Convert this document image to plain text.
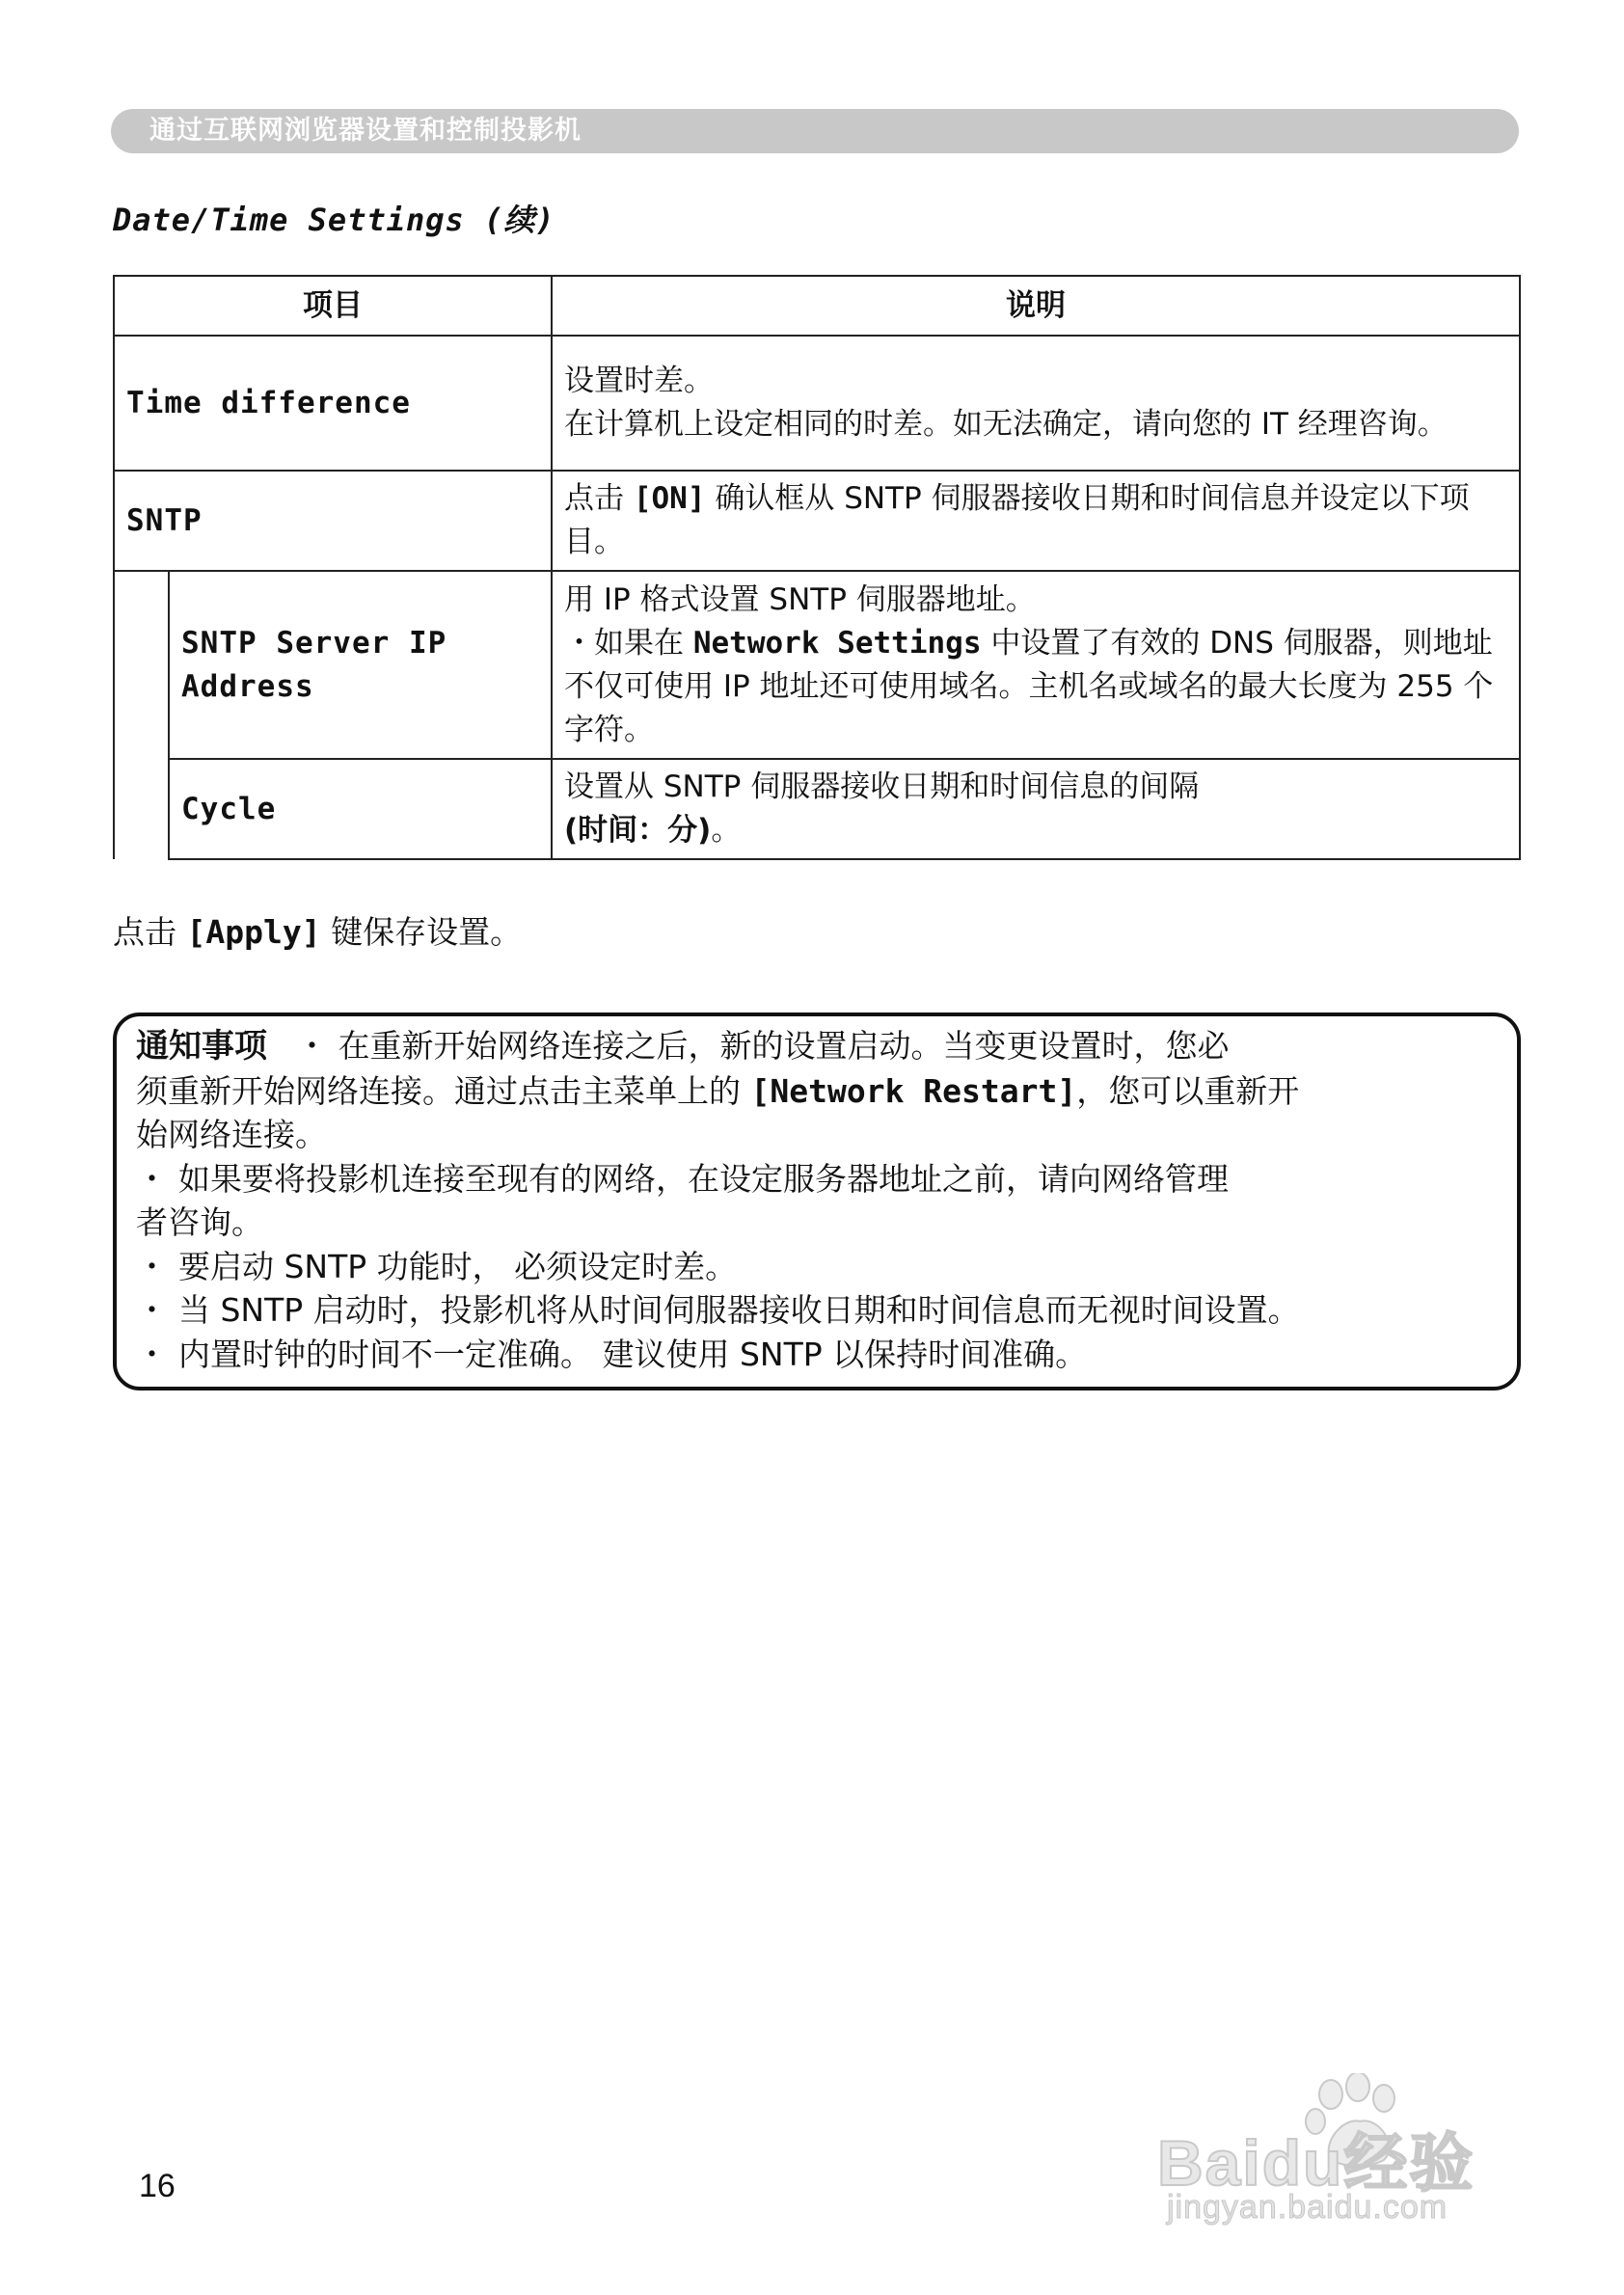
通过互联网浏览器设置和控制投影机
Date/Time Settings (续)
项目		说明
Time difference		设置时差。
在计算机上设定相同的时差。如无法确定，请向您的 IT 经理咨询。

SNTP		点击 [ON] 确认框从 SNTP 伺服器接收日期和时间信息并设定以下项目。
	SNTP Server IP Address	用 IP 格式设置 SNTP 伺服器地址。
・如果在 Network Settings 中设置了有效的 DNS 伺服器，则地址不仅可使用 IP 地址还可使用域名。主机名或域名的最大长度为 255 个字符。

	Cycle	设置从 SNTP 伺服器接收日期和时间信息的间隔
(时间：分)。
点击 [Apply] 键保存设置。
通知事项 ・ 在重新开始网络连接之后，新的设置启动。当变更设置时，您必
须重新开始网络连接。通过点击主菜单上的 [Network Restart]，您可以重新开
始网络连接。
・ 如果要将投影机连接至现有的网络，在设定服务器地址之前，请向网络管理
者咨询。
・ 要启动 SNTP 功能时， 必须设定时差。
・ 当 SNTP 启动时，投影机将从时间伺服器接收日期和时间信息而无视时间设置。
・ 内置时钟的时间不一定准确。 建议使用 SNTP 以保持时间准确。
16	Baidu经验
jingyan.baidu.com
